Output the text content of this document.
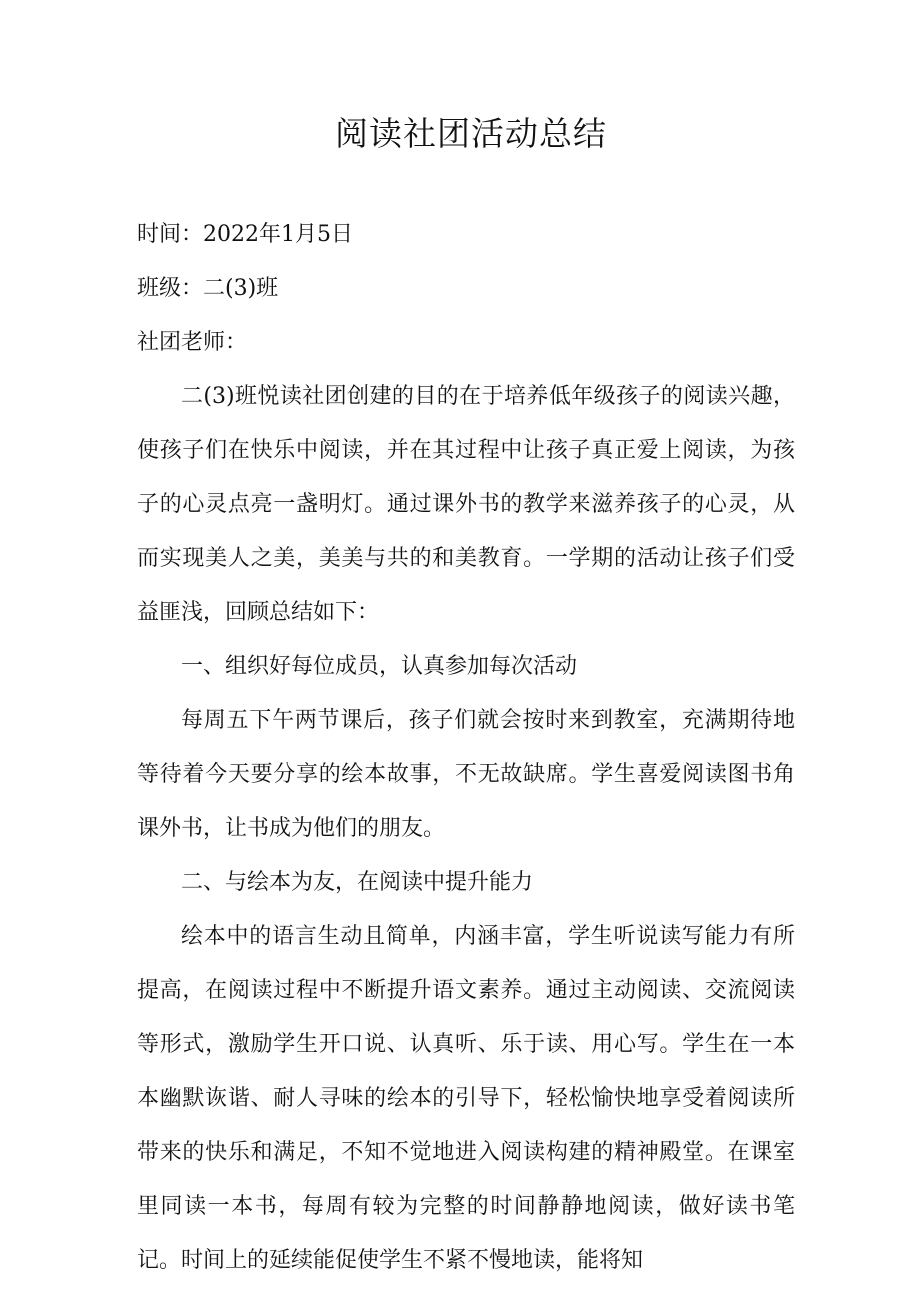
阅读社团活动总结

时间：2022年1月5日

班级：二(3)班

社团老师：

二(3)班悦读社团创建的目的在于培养低年级孩子的阅读兴趣，使孩子们在快乐中阅读，并在其过程中让孩子真正爱上阅读，为孩子的心灵点亮一盏明灯。通过课外书的教学来滋养孩子的心灵，从而实现美人之美，美美与共的和美教育。一学期的活动让孩子们受益匪浅，回顾总结如下：

一、组织好每位成员，认真参加每次活动

每周五下午两节课后，孩子们就会按时来到教室，充满期待地等待着今天要分享的绘本故事，不无故缺席。学生喜爱阅读图书角课外书，让书成为他们的朋友。

二、与绘本为友，在阅读中提升能力

绘本中的语言生动且简单，内涵丰富，学生听说读写能力有所提高，在阅读过程中不断提升语文素养。通过主动阅读、交流阅读等形式，激励学生开口说、认真听、乐于读、用心写。学生在一本本幽默诙谐、耐人寻味的绘本的引导下，轻松愉快地享受着阅读所带来的快乐和满足，不知不觉地进入阅读构建的精神殿堂。在课室里同读一本书，每周有较为完整的时间静静地阅读，做好读书笔记。时间上的延续能促使学生不紧不慢地读，能将知
